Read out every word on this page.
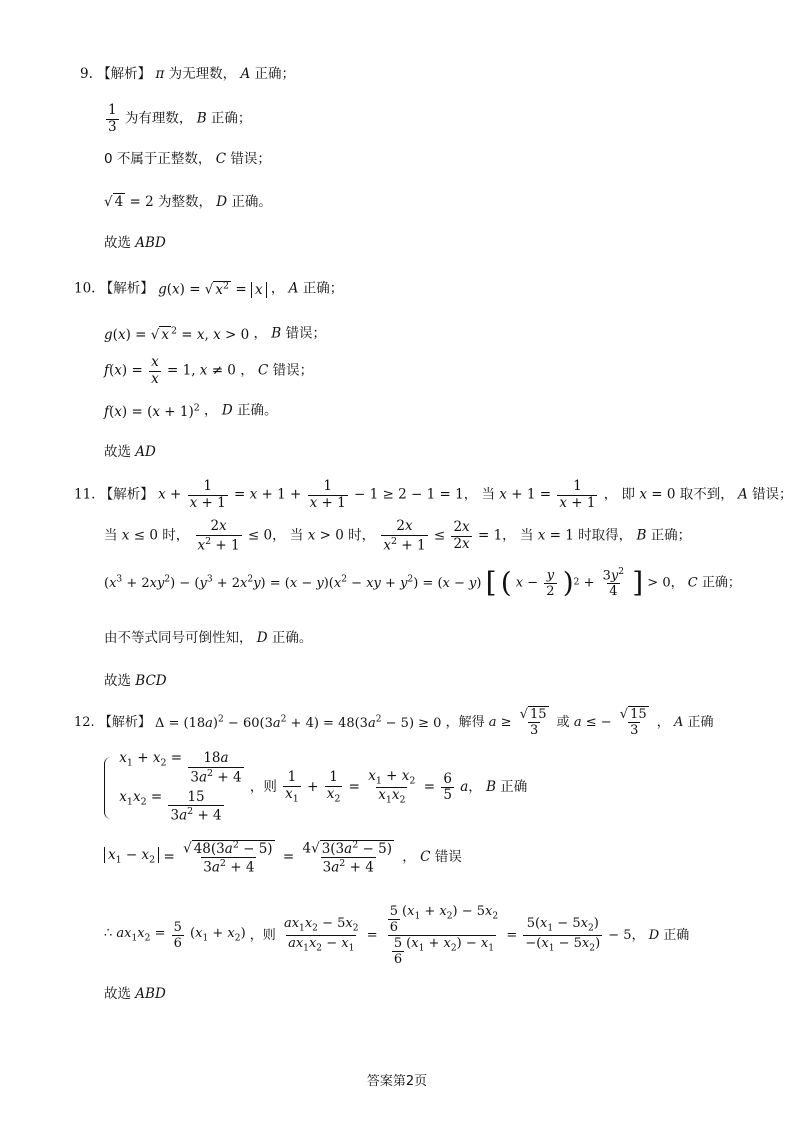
9. 【解析】 π 为无理数， A 正确；
$\frac{1}{3}$ 为有理数， B 正确；
0 不属于正整数， C 错误；
√ 4 = 2 为整数， D 正确。
故选 ABD
10. 【解析】 g(x) = √ $x^2 = x$ ， A 正确；
g(x) = √ x $^2$ = x, x > 0 ， B 错误；
$f(x) = \frac{x}{x} = 1$, x ≠ 0 ， C 错误；
$f(x) = (x + 1)^2$ ， D 正确。
故选 AD
11. 【解析】 $x + \frac{1}{x + 1} = x + 1 + \frac{1}{x + 1} - 1 \ge 2 - 1 = 1$， 当 $x + 1 = \frac{1}{x + 1}$ ， 即 x = 0 取不到， A 错误；
当 x ≤ 0 时， $\frac{2x}{x^2 + 1} \le 0$， 当 x > 0 时， $\frac{2x}{x^2 + 1} \le \frac{2x}{2x} = 1$， 当 x = 1 时取得， B 正确；
$(x^3 + 2xy^2) - (y^3 + 2x^2y) = (x - y)(x^2$ − xy + $y^2) = (x - y)$ [ ( $x - \frac{y}{2} )2 + \frac{3y^2}{4}$ ] > 0， C 正确；
由不等式同号可倒性知， D 正确。
故选 BCD
12. 【解析】 $\Delta = (18a)^2 - 60(3a^2 + 4) = 48(3a^2 - 5) \ge 0$ ，解得 $a \ge \frac{√ 15}{3}$ 或 a ≤ − $\frac{√ 15}{3}$ ， A 正确

$x_1 + x_2 = \frac{18a}{3a^2 + 4}$
$x_1x_2 = \frac{15}{3a^2 + 4}$
，则 $\frac{1}{x_1} + \frac{1}{x_2} = \frac{x_1 + x_2}{x_1x_2} = \frac{6}{5}$ a， B 正确
$x_1 - x_2 = \frac{√ 48(3a^2 - 5)}{3a^2 + 4} = \frac{4√ 3(3a^2 - 5)}{3a^2 + 4}$ ， C 错误
∴ $ax_1x_2 = \frac{5}{6} (x_1 + x_2)$ ，则 $\frac{ax_1x_2 - 5x_2}{ax_1x_2 - x_1} = \frac{\frac{5}{6} (x_1 + x_2) - 5x_2}{\frac{5}{6} (x_1 + x_2) - x_1} = \frac{5(x_1 - 5x_2)}{-(x_1 - 5x_2)} - 5$， D 正确
故选 ABD
答案第2页
